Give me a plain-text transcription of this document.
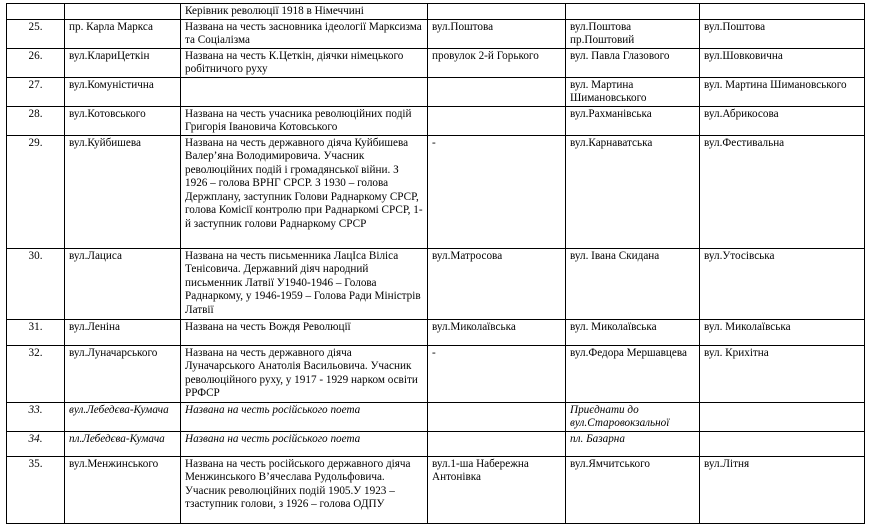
		Керівник революції 1918 в Німеччині			
25.	пр. Карла Маркса	Названа на честь засновника ідеології Марксизма та Соціалізма	вул.Поштова	вул.Поштова пр.Поштовий	вул.Поштова
26.	вул.КлариЦеткін	Названа на честь К.Цеткін, діячки німецького робітничого руху	провулок 2-й Горького	вул. Павла Глазового	вул.Шовковична
27.	вул.Комуністична			вул. Мартина Шимановського	вул. Мартина Шимановського
28.	вул.Котовського	Названа на честь учасника революційних подій Григорія Івановича Котовського		вул.Рахманівська	вул.Абрикосова
29.	вул.Куйбишева	Названа на честь державного діяча Куйбишева Валер’яна Володимировича. Учасник революційних подій і громадянської війни. З 1926 – голова ВРНГ СРСР. З 1930 – голова Держплану, заступник Голови Раднаркому СРСР, голова Комісії контролю при Раднаркомі СРСР, 1-й заступник голови Раднаркому СРСР	-	вул.Карнаватська	вул.Фестивальна
30.	вул.Лациса	Названа на честь письменника ЛацІса Віліса Тенісовича. Державний діяч народний письменник Латвії У1940-1946 – Голова Раднаркому, у 1946-1959 – Голова Ради Міністрів Латвії	вул.Матросова	вул. Івана Скидана	вул.Утосівська
31.	вул.Леніна	Названа на честь Вождя Революції	вул.Миколаївська	вул. Миколаївська	вул. Миколаївська
32.	вул.Луначарського	Названа на честь державного діяча Луначарського Анатолія Васильовича. Учасник революційного руху, у 1917 - 1929 нарком освіти РРФСР	-	вул.Федора Мершавцева	вул. Крихітна
33.	вул.Лебедєва-Кумача	Названа на честь російського поета		Приєднати до вул.Старовокзальної	
34.	пл.Лебедєва-Кумача	Названа на честь російського поета		пл. Базарна	
35.	вул.Менжинського	Названа на честь російського державного діяча Менжинського В’ячеслава Рудольфовича. Учасник революційних подій 1905.У 1923 – тзаступник голови, з 1926 – голова ОДПУ	вул.1-ша Набережна Антонівка	вул.Ямчитського	вул.Літня
